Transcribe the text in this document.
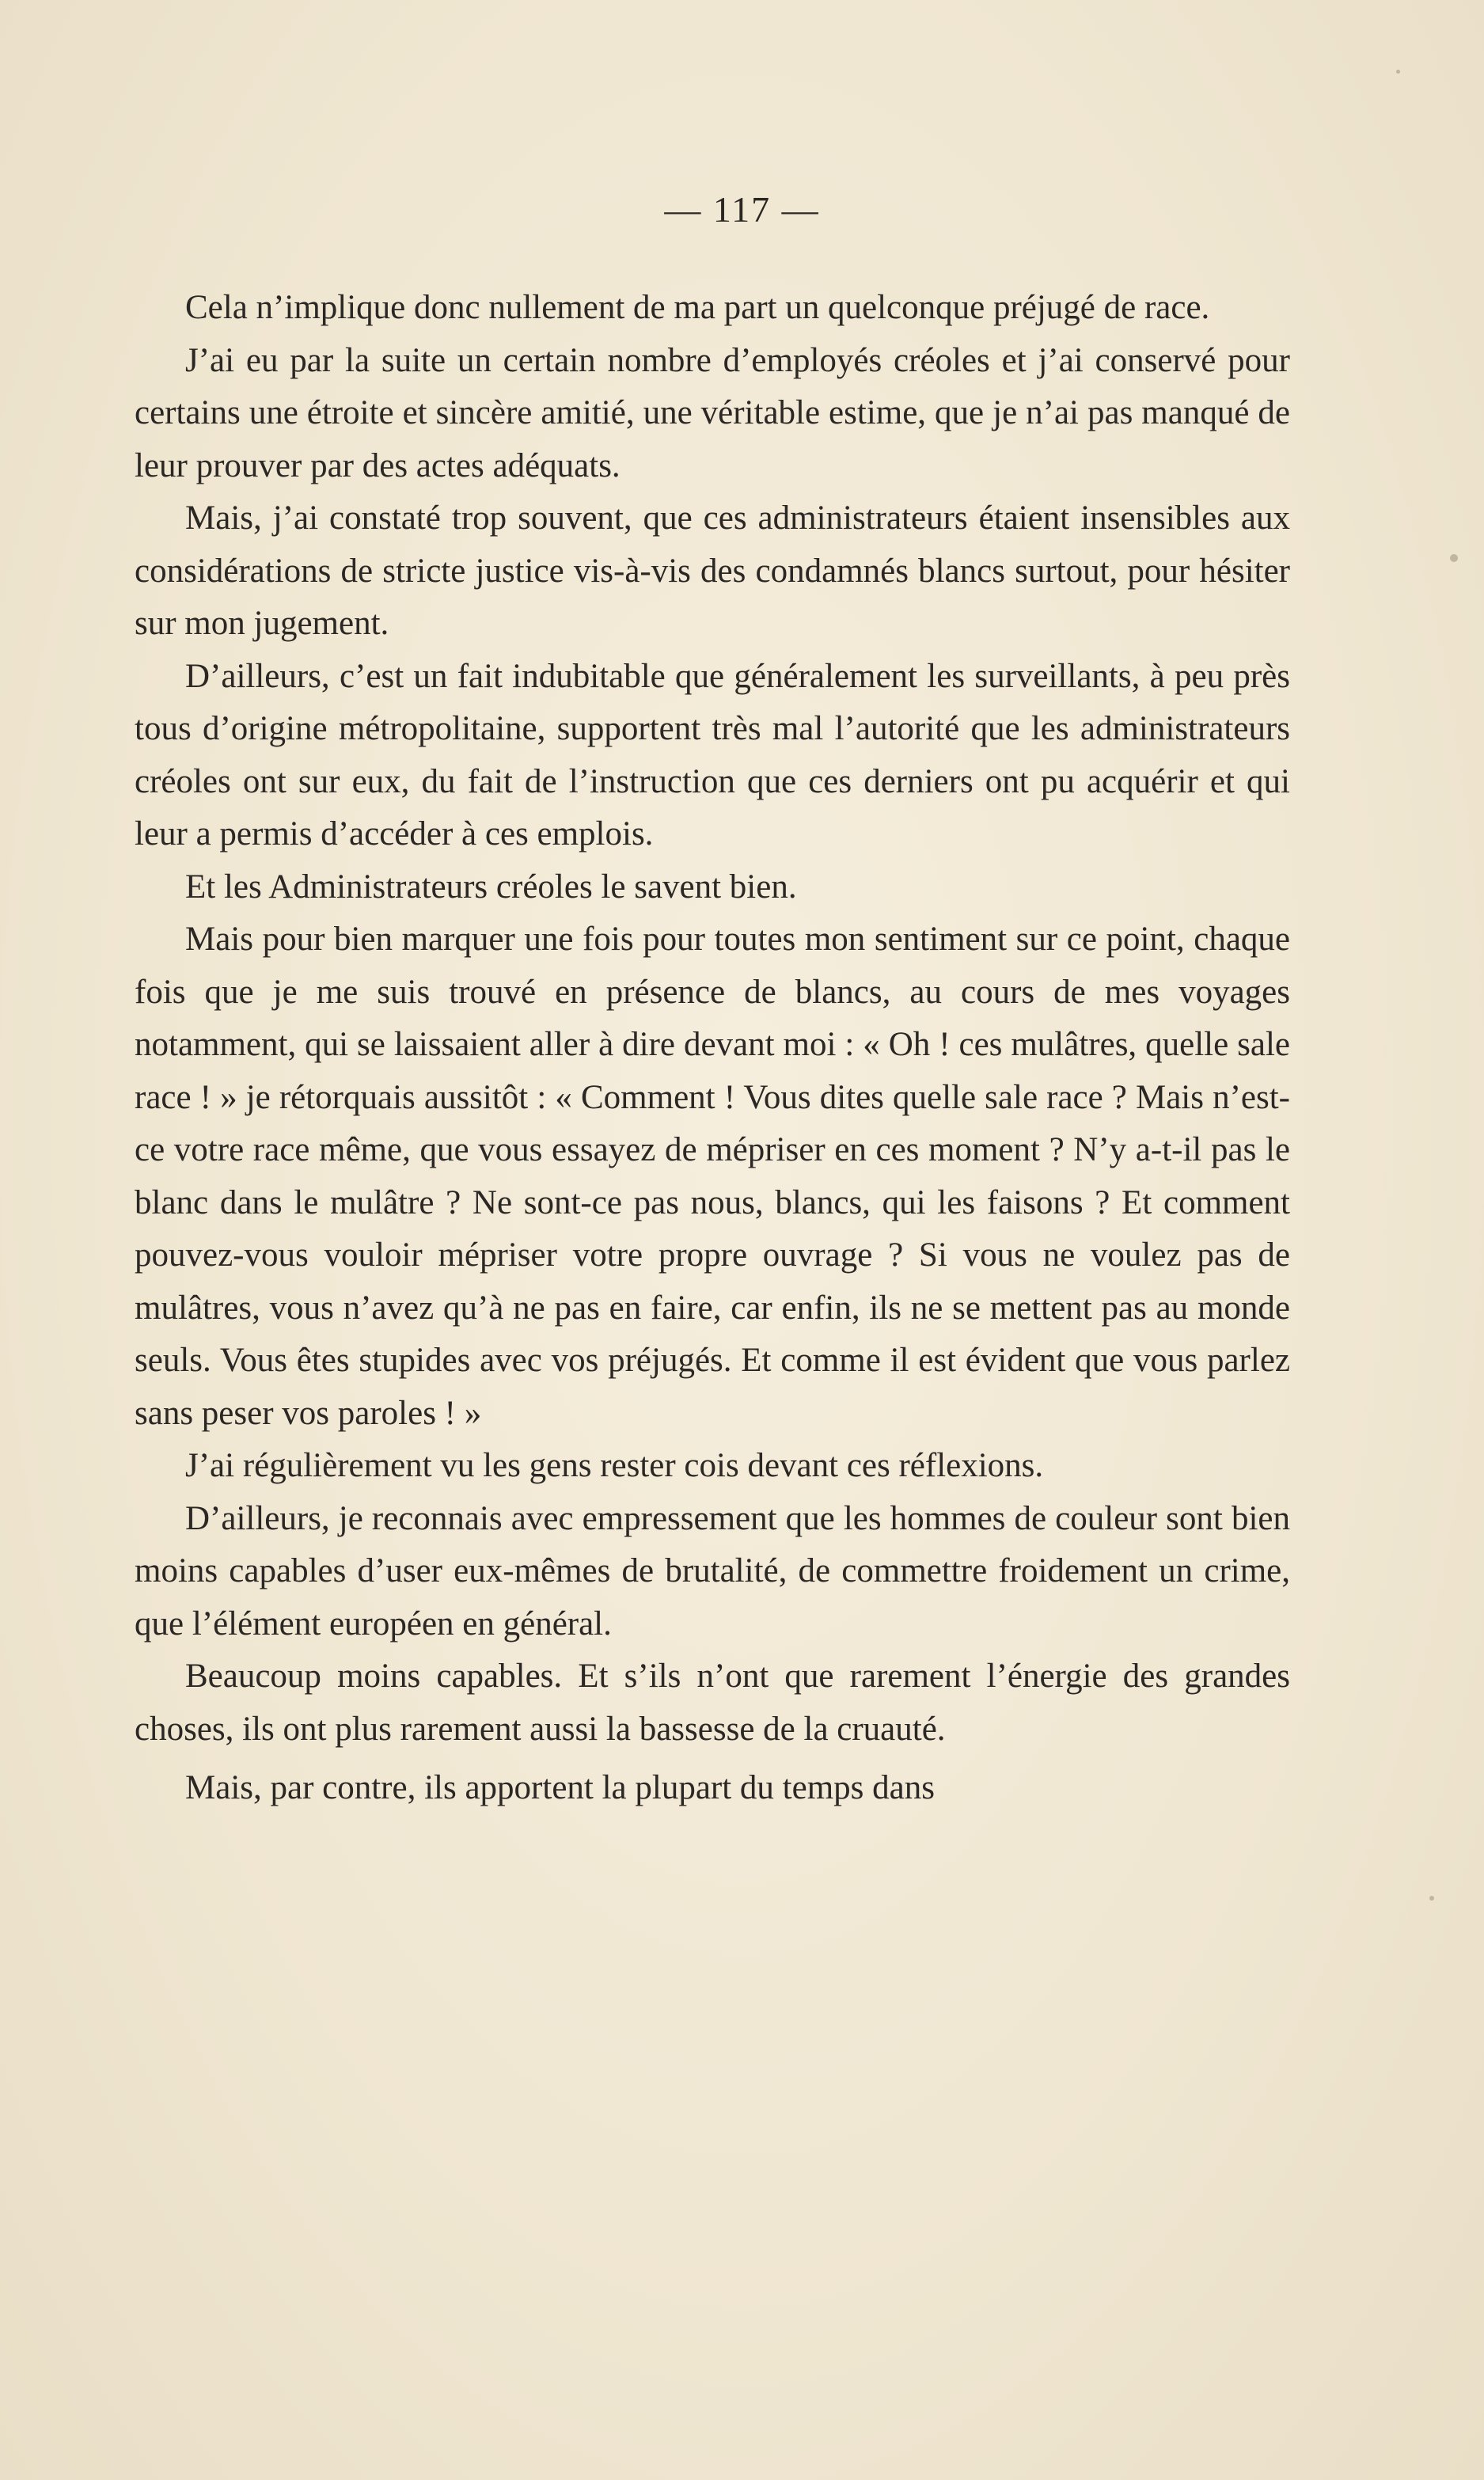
— 117 —

Cela n’implique donc nullement de ma part un quelconque préjugé de race.

J’ai eu par la suite un certain nombre d’employés créoles et j’ai conservé pour certains une étroite et sincère amitié, une véritable estime, que je n’ai pas manqué de leur prouver par des actes adéquats.

Mais, j’ai constaté trop souvent, que ces administrateurs étaient insensibles aux considérations de stricte justice vis-à-vis des condamnés blancs surtout, pour hésiter sur mon jugement.

D’ailleurs, c’est un fait indubitable que généralement les surveillants, à peu près tous d’origine métropolitaine, supportent très mal l’autorité que les administrateurs créoles ont sur eux, du fait de l’instruction que ces derniers ont pu acquérir et qui leur a permis d’accéder à ces emplois.

Et les Administrateurs créoles le savent bien.

Mais pour bien marquer une fois pour toutes mon sentiment sur ce point, chaque fois que je me suis trouvé en présence de blancs, au cours de mes voyages notamment, qui se laissaient aller à dire devant moi : « Oh ! ces mulâtres, quelle sale race ! » je rétorquais aussitôt : « Comment ! Vous dites quelle sale race ? Mais n’est-ce votre race même, que vous essayez de mépriser en ces moment ? N’y a-t-il pas le blanc dans le mulâtre ? Ne sont-ce pas nous, blancs, qui les faisons ? Et comment pouvez-vous vouloir mépriser votre propre ouvrage ? Si vous ne voulez pas de mulâtres, vous n’avez qu’à ne pas en faire, car enfin, ils ne se mettent pas au monde seuls. Vous êtes stupides avec vos préjugés. Et comme il est évident que vous parlez sans peser vos paroles ! »

J’ai régulièrement vu les gens rester cois devant ces réflexions.

D’ailleurs, je reconnais avec empressement que les hommes de couleur sont bien moins capables d’user eux-mêmes de brutalité, de commettre froidement un crime, que l’élément européen en général.

Beaucoup moins capables. Et s’ils n’ont que rarement l’énergie des grandes choses, ils ont plus rarement aussi la bassesse de la cruauté.

Mais, par contre, ils apportent la plupart du temps dans
